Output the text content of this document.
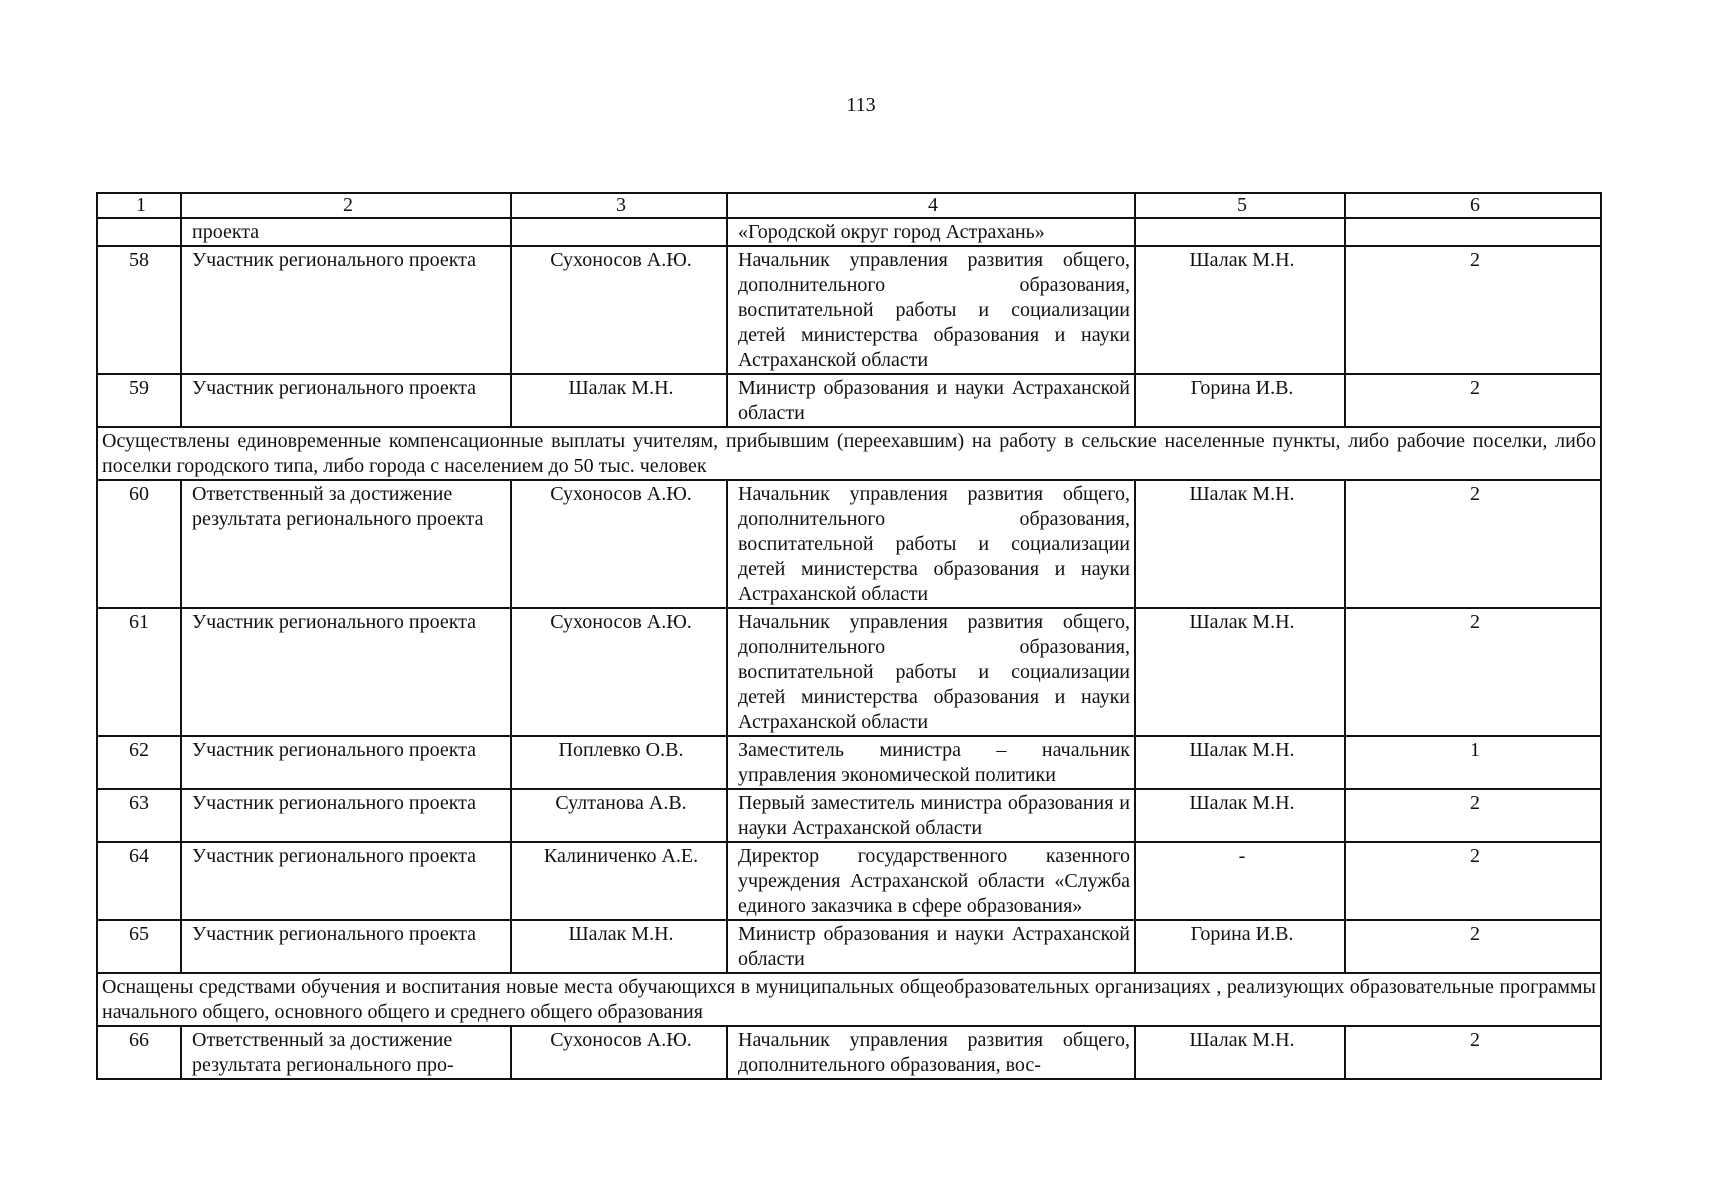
113
1	2	3	4	5	6
	проекта		«Городской округ город Астрахань»		
58	Участник регионального проекта	Сухоносов А.Ю.	Начальник управления развития общего, дополнительного образования, воспитательной работы и социализации детей министерства образования и науки Астраханской области	Шалак М.Н.	2
59	Участник регионального проекта	Шалак М.Н.	Министр образования и науки Астраханской области	Горина И.В.	2
Осуществлены единовременные компенсационные выплаты учителям, прибывшим (переехавшим) на работу в сельские населенные пункты, либо рабочие поселки, либо поселки городского типа, либо города с населением до 50 тыс. человек					
60	Ответственный за достижение результата регионального проекта	Сухоносов А.Ю.	Начальник управления развития общего, дополнительного образования, воспитательной работы и социализации детей министерства образования и науки Астраханской области	Шалак М.Н.	2
61	Участник регионального проекта	Сухоносов А.Ю.	Начальник управления развития общего, дополнительного образования, воспитательной работы и социализации детей министерства образования и науки Астраханской области	Шалак М.Н.	2
62	Участник регионального проекта	Поплевко О.В.	Заместитель министра – начальник управления экономической политики	Шалак М.Н.	1
63	Участник регионального проекта	Султанова А.В.	Первый заместитель министра образования и науки Астраханской области	Шалак М.Н.	2
64	Участник регионального проекта	Калиниченко А.Е.	Директор государственного казенного учреждения Астраханской области «Служба единого заказчика в сфере образования»	-	2
65	Участник регионального проекта	Шалак М.Н.	Министр образования и науки Астраханской области	Горина И.В.	2
Оснащены средствами обучения и воспитания новые места обучающихся в муниципальных общеобразовательных организациях , реализующих образовательные программы начального общего, основного общего и среднего общего образования					
66	Ответственный за достижение результата регионального про-	Сухоносов А.Ю.	Начальник управления развития общего, дополнительного образования, вос-	Шалак М.Н.	2
